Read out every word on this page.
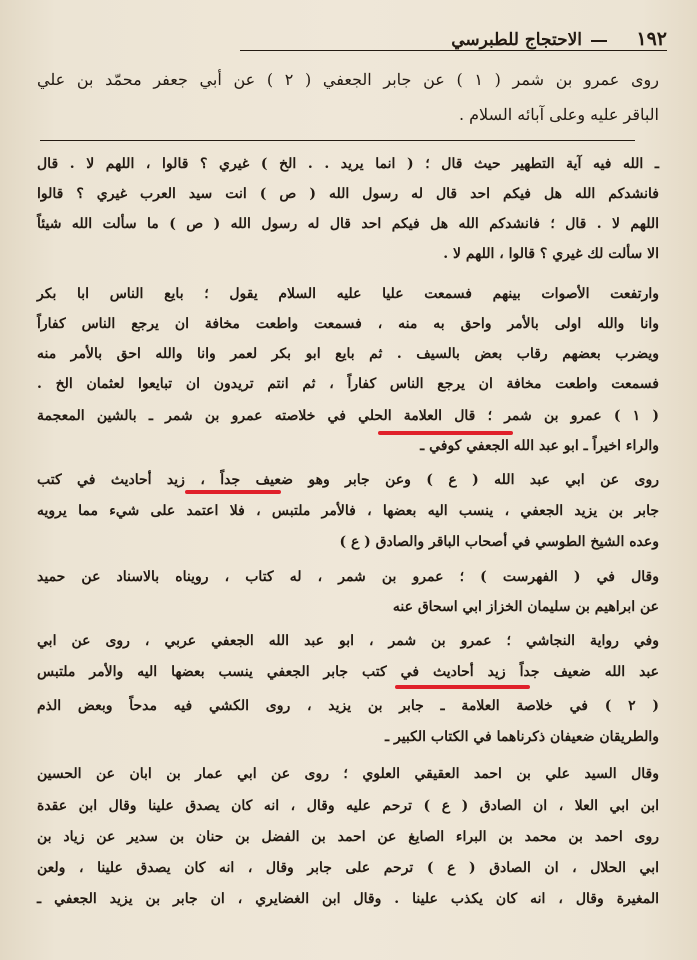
١٩٢
الاحتجاج للطبرسي
روى عمرو بن شمر ( ١ ) عن جابر الجعفي ( ٢ ) عن أبي جعفر محمّد بن علي
الباقر عليه وعلى آبائه السلام .
ـ الله فيه آية التطهير حيث قال ؛ ( انما يريد . . الخ ) غيري ؟ قالوا ، اللهم لا . قال
فانشدكم الله هل فيكم احد قال له رسول الله ( ص ) انت سيد العرب غيري ؟ قالوا
اللهم لا . قال ؛ فانشدكم الله هل فيكم احد قال له رسول الله ( ص ) ما سألت الله شيئاً
الا سألت لك غيري ؟ قالوا ، اللهم لا .
وارتفعت الأصوات بينهم فسمعت عليا عليه السلام يقول ؛ بايع الناس ابا بكر
وانا والله اولى بالأمر واحق به منه ، فسمعت واطعت مخافة ان يرجع الناس كفاراً
ويضرب بعضهم رقاب بعض بالسيف . ثم بايع ابو بكر لعمر وانا والله احق بالأمر منه
فسمعت واطعت مخافة ان يرجع الناس كفاراً ، ثم انتم تريدون ان تبايعوا لعثمان الخ .
( ١ ) عمرو بن شمر ؛ قال العلامة الحلي في خلاصته عمرو بن شمر ـ بالشين المعجمة
والراء اخيراً ـ ابو عبد الله الجعفي كوفي ـ
روى عن ابي عبد الله ( ع ) وعن جابر وهو ضعيف جداً ، زيد أحاديث في كتب
جابر بن يزيد الجعفي ، ينسب اليه بعضها ، فالأمر ملتبس ، فلا اعتمد على شيء مما يرويه
وعده الشيخ الطوسي في أصحاب الباقر والصادق ( ع )
وقال في ( الفهرست ) ؛ عمرو بن شمر ، له كتاب ، رويناه بالاسناد عن حميد
عن ابراهيم بن سليمان الخزاز ابي اسحاق عنه
وفي رواية النجاشي ؛ عمرو بن شمر ، ابو عبد الله الجعفي عربي ، روى عن ابي
عبد الله ضعيف جداً زيد أحاديث في كتب جابر الجعفي ينسب بعضها اليه والأمر ملتبس
( ٢ ) في خلاصة العلامة ـ جابر بن يزيد ، روى الكشي فيه مدحاً وبعض الذم
والطريقان ضعيفان ذكرناهما في الكتاب الكبير ـ
وقال السيد علي بن احمد العقيقي العلوي ؛ روى عن ابي عمار بن ابان عن الحسين
ابن ابي العلا ، ان الصادق ( ع ) ترحم عليه وقال ، انه كان يصدق علينا وقال ابن عقدة
روى احمد بن محمد بن البراء الصايغ عن احمد بن الفضل بن حنان بن سدير عن زياد بن
ابي الحلال ، ان الصادق ( ع ) ترحم على جابر وقال ، انه كان يصدق علينا ، ولعن
المغيرة وقال ، انه كان يكذب علينا . وقال ابن الغضايري ، ان جابر بن يزيد الجعفي ـ
